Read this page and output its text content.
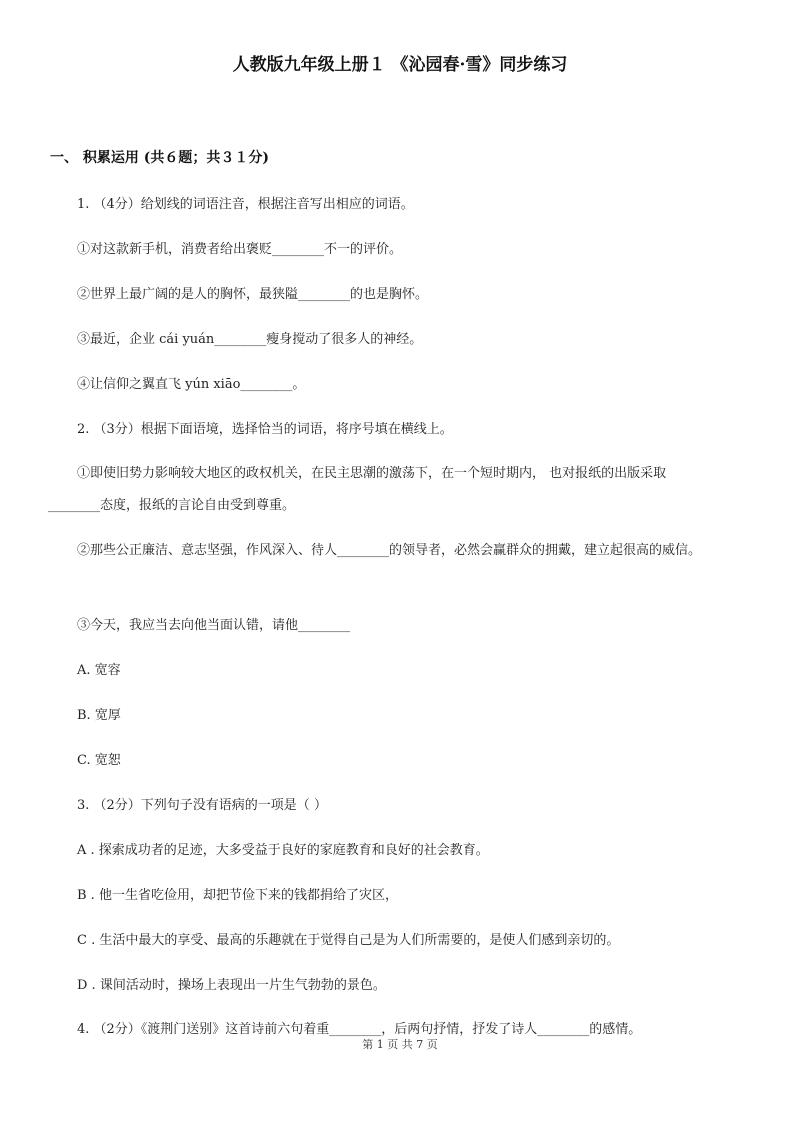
人教版九年级上册１ 《沁园春·雪》同步练习
一、 积累运用 (共６题；共３１分)
1. （4分）给划线的词语注音，根据注音写出相应的词语。
①对这款新手机，消费者给出褒贬________不一的评价。
②世界上最广阔的是人的胸怀，最狭隘________的也是胸怀。
③最近，企业 cái yuán________瘦身搅动了很多人的神经。
④让信仰之翼直飞 yún xiāo________。
2. （3分）根据下面语境，选择恰当的词语，将序号填在横线上。
①即使旧势力影响较大地区的政权机关，在民主思潮的激荡下，在一个短时期内， 也对报纸的出版采取
________态度，报纸的言论自由受到尊重。
②那些公正廉洁、意志坚强，作风深入、待人________的领导者，必然会赢群众的拥戴，建立起很高的威信。
③今天，我应当去向他当面认错，请他________
A. 宽容
B. 宽厚
C. 宽恕
3. （2分）下列句子没有语病的一项是（ ）
A . 探索成功者的足迹，大多受益于良好的家庭教育和良好的社会教育。
B . 他一生省吃俭用，却把节俭下来的钱都捐给了灾区，
C . 生活中最大的享受、最高的乐趣就在于觉得自己是为人们所需要的，是使人们感到亲切的。
D . 课间活动时，操场上表现出一片生气勃勃的景色。
4. （2分）《渡荆门送别》这首诗前六句着重________，后两句抒情，抒发了诗人________的感情。
第 1 页 共 7 页
